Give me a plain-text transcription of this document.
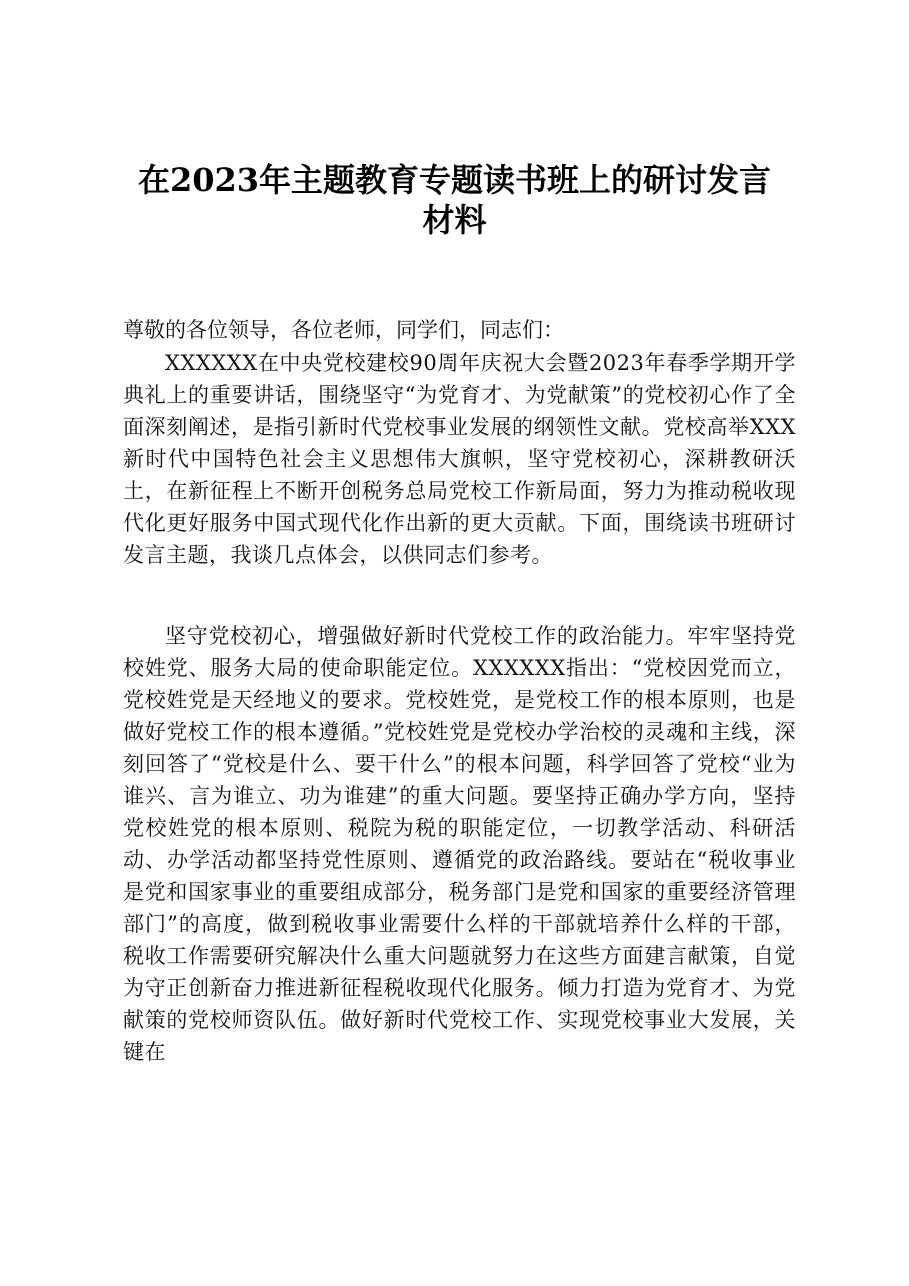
在2023年主题教育专题读书班上的研讨发言
材料

尊敬的各位领导，各位老师，同学们，同志们：

XXXXXX在中央党校建校90周年庆祝大会暨2023年春季学期开学典礼上的重要讲话，围绕坚守“为党育才、为党献策”的党校初心作了全面深刻阐述，是指引新时代党校事业发展的纲领性文献。党校高举XXX新时代中国特色社会主义思想伟大旗帜，坚守党校初心，深耕教研沃土，在新征程上不断开创税务总局党校工作新局面，努力为推动税收现代化更好服务中国式现代化作出新的更大贡献。下面，围绕读书班研讨发言主题，我谈几点体会，以供同志们参考。

坚守党校初心，增强做好新时代党校工作的政治能力。牢牢坚持党校姓党、服务大局的使命职能定位。XXXXXX指出：“党校因党而立，党校姓党是天经地义的要求。党校姓党，是党校工作的根本原则，也是做好党校工作的根本遵循。”党校姓党是党校办学治校的灵魂和主线，深刻回答了“党校是什么、要干什么”的根本问题，科学回答了党校“业为谁兴、言为谁立、功为谁建”的重大问题。要坚持正确办学方向，坚持党校姓党的根本原则、税院为税的职能定位，一切教学活动、科研活动、办学活动都坚持党性原则、遵循党的政治路线。要站在“税收事业是党和国家事业的重要组成部分，税务部门是党和国家的重要经济管理部门”的高度，做到税收事业需要什么样的干部就培养什么样的干部，税收工作需要研究解决什么重大问题就努力在这些方面建言献策，自觉为守正创新奋力推进新征程税收现代化服务。倾力打造为党育才、为党献策的党校师资队伍。做好新时代党校工作、实现党校事业大发展，关键在
